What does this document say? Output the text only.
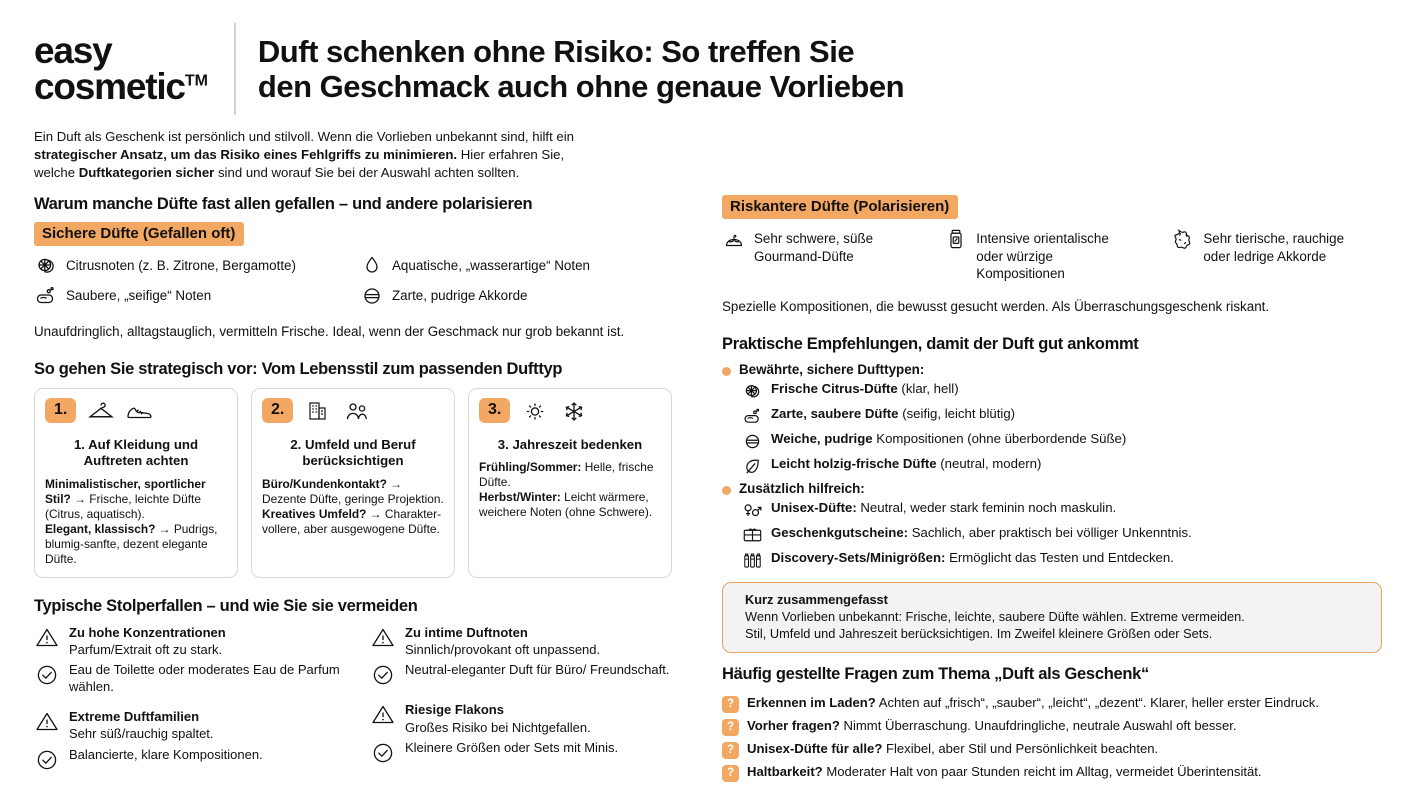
easy
cosmetic™
Duft schenken ohne Risiko: So treffen Sie
den Geschmack auch ohne genaue Vorlieben
Ein Duft als Geschenk ist persönlich und stilvoll. Wenn die Vorlieben unbekannt sind, hilft ein strategischer Ansatz, um das Risiko eines Fehlgriffs zu minimieren. Hier erfahren Sie, welche Duftkategorien sicher sind und worauf Sie bei der Auswahl achten sollten.
Warum manche Düfte fast allen gefallen – und andere polarisieren
Sichere Düfte (Gefallen oft)
Citrusnoten (z. B. Zitrone, Bergamotte)	Aquatische, „wasserartige“ Noten
Saubere, „seifige“ Noten	Zarte, pudrige Akkorde
Unaufdringlich, alltagstauglich, vermitteln Frische. Ideal, wenn der Geschmack nur grob bekannt ist.
So gehen Sie strategisch vor: Vom Lebensstil zum passenden Dufttyp
1.
1. Auf Kleidung und Auftreten achten

Minimalistischer, sportlicher Stil? → Frische, leichte Düfte (Citrus, aquatisch).
Elegant, klassisch? → Pudrigs, blumig-sanfte, dezent elegante Düfte.

2.
2. Umfeld und Beruf berücksichtigen

Büro/Kundenkontakt? → Dezente Düfte, geringe Projektion.
Kreatives Umfeld? → Charakter-vollere, aber ausgewogene Düfte.

3.
3. Jahreszeit bedenken

Frühling/Sommer: Helle, frische Düfte.
Herbst/Winter: Leicht wärmere, weichere Noten (ohne Schwere).

Typische Stolperfallen – und wie Sie sie vermeiden
Zu hohe Konzentrationen
Parfum/Extrait oft zu stark.
Eau de Toilette oder moderates Eau de Parfum wählen.
Extreme Duftfamilien
Sehr süß/rauchig spaltet.
Balancierte, klare Kompositionen.
Zu intime Duftnoten
Sinnlich/provokant oft unpassend.
Neutral-eleganter Duft für Büro/ Freundschaft.
Riesige Flakons
Großes Risiko bei Nichtgefallen.
Kleinere Größen oder Sets mit Minis.
Riskantere Düfte (Polarisieren)
Sehr schwere, süße
Gourmand-Düfte
Intensive orientalische
oder würzige
Kompositionen
Sehr tierische, rauchige
oder ledrige Akkorde
Spezielle Kompositionen, die bewusst gesucht werden. Als Überraschungsgeschenk riskant.
Praktische Empfehlungen, damit der Duft gut ankommt
Bewährte, sichere Dufttypen:
Frische Citrus-Düfte (klar, hell)
Zarte, saubere Düfte (seifig, leicht blütig)
Weiche, pudrige Kompositionen (ohne überbordende Süße)
Leicht holzig-frische Düfte (neutral, modern)
Zusätzlich hilfreich:
Unisex-Düfte: Neutral, weder stark feminin noch maskulin.
Geschenkgutscheine: Sachlich, aber praktisch bei völliger Unkenntnis.
Discovery-Sets/Minigrößen: Ermöglicht das Testen und Entdecken.
Kurz zusammengefasst
Wenn Vorlieben unbekannt: Frische, leichte, saubere Düfte wählen. Extreme vermeiden.
Stil, Umfeld und Jahreszeit berücksichtigen. Im Zweifel kleinere Größen oder Sets.
Häufig gestellte Fragen zum Thema „Duft als Geschenk“
? Erkennen im Laden? Achten auf „frisch“, „sauber“, „leicht“, „dezent“. Klarer, heller erster Eindruck.
? Vorher fragen? Nimmt Überraschung. Unaufdringliche, neutrale Auswahl oft besser.
? Unisex-Düfte für alle? Flexibel, aber Stil und Persönlichkeit beachten.
? Haltbarkeit? Moderater Halt von paar Stunden reicht im Alltag, vermeidet Überintensität.
